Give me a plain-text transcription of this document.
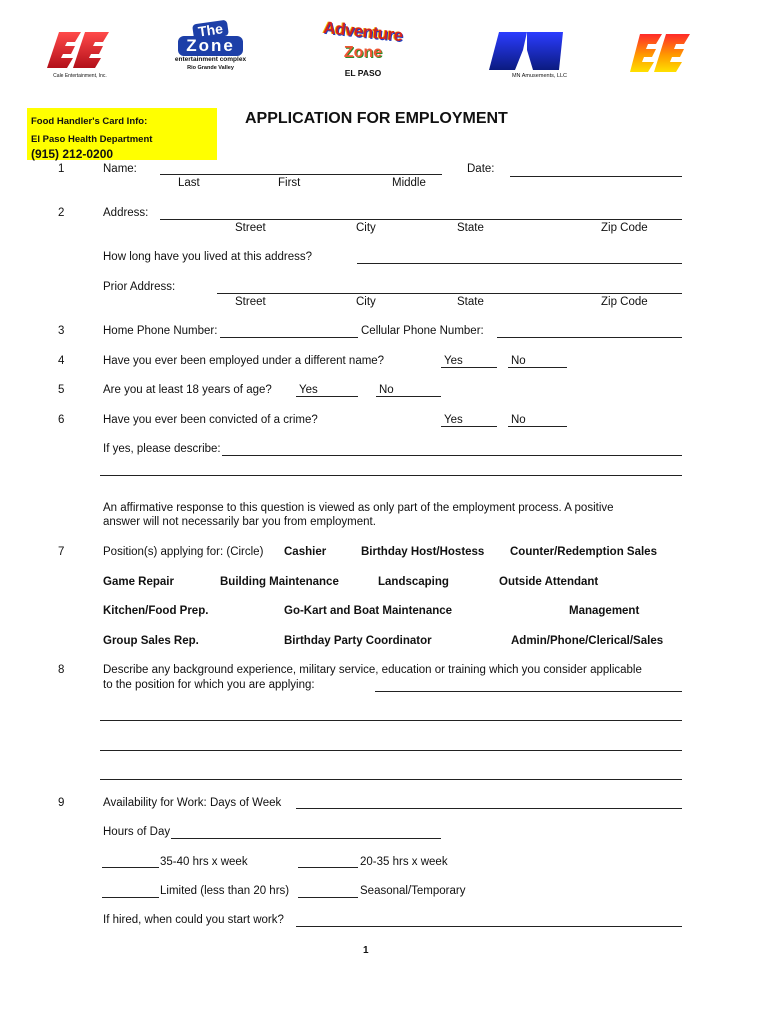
Cale Entertainment, Inc.
The Zone
entertainment complex
Rio Grande Valley
Adventure
Zone
EL PASO	MN Amusements, LLC
Food Handler's Card Info:
El Paso Health Department
(915) 212-0200
APPLICATION FOR EMPLOYMENT
1	Name:
Last	First	Middle
Date:
2	Address:
Street	City	State	Zip Code
How long have you lived at this address?
Prior Address:
Street	City	State	Zip Code
3	Home Phone Number:	Cellular Phone Number:
4	Have you ever been employed under a different name?	Yes	No
5	Are you at least 18 years of age? Yes	No
6	Have you ever been convicted of a crime?	Yes	No
If yes, please describe:
An affirmative response to this question is viewed as only part of the employment process. A positive
answer will not necessarily bar you from employment.
7	Position(s) applying for: (Circle) Cashier	Birthday Host/Hostess Counter/Redemption Sales
Game Repair	Building Maintenance	Landscaping	Outside Attendant
Kitchen/Food Prep.	Go-Kart and Boat Maintenance	Management
Group Sales Rep.	Birthday Party Coordinator	Admin/Phone/Clerical/Sales
8	Describe any background experience, military service, education or training which you consider applicable
to the position for which you are applying:
9	Availability for Work: Days of Week
Hours of Day
35-40 hrs x week	20-35 hrs x week
Limited (less than 20 hrs)	Seasonal/Temporary
If hired, when could you start work?
1
